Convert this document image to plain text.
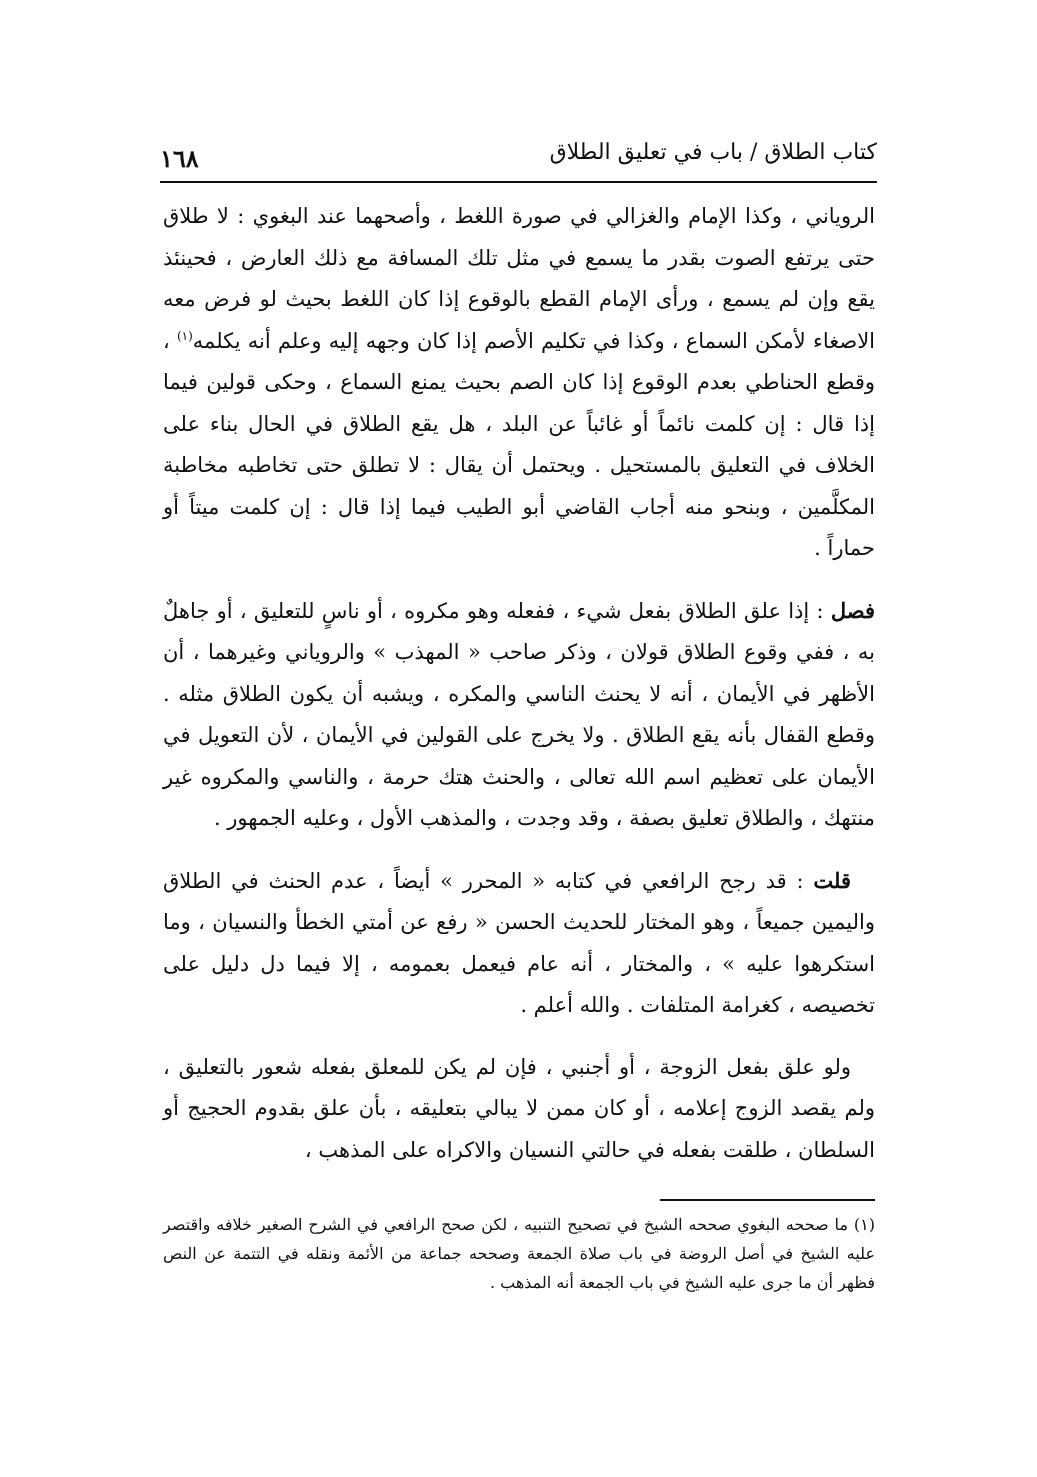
كتاب الطلاق / باب في تعليق الطلاق
١٦٨

الروياني ، وكذا الإمام والغزالي في صورة اللغط ، وأصحهما عند البغوي : لا طلاق حتى يرتفع الصوت بقدر ما يسمع في مثل تلك المسافة مع ذلك العارض ، فحينئذ يقع وإن لم يسمع ، ورأى الإمام القطع بالوقوع إذا كان اللغط بحيث لو فرض معه الاصغاء لأمكن السماع ، وكذا في تكليم الأصم إذا كان وجهه إليه وعلم أنه يكلمه$^{(١)}$ ، وقطع الحناطي بعدم الوقوع إذا كان الصم بحيث يمنع السماع ، وحكى قولين فيما إذا قال : إن كلمت نائماً أو غائباً عن البلد ، هل يقع الطلاق في الحال بناء على الخلاف في التعليق بالمستحيل . ويحتمل أن يقال : لا تطلق حتى تخاطبه مخاطبة المكلَّمين ، وبنحو منه أجاب القاضي أبو الطيب فيما إذا قال : إن كلمت ميتاً أو حماراً .

فصل : إذا علق الطلاق بفعل شيء ، ففعله وهو مكروه ، أو ناسٍ للتعليق ، أو جاهلٌ به ، ففي وقوع الطلاق قولان ، وذكر صاحب « المهذب » والروياني وغيرهما ، أن الأظهر في الأيمان ، أنه لا يحنث الناسي والمكره ، ويشبه أن يكون الطلاق مثله . وقطع القفال بأنه يقع الطلاق . ولا يخرج على القولين في الأيمان ، لأن التعويل في الأيمان على تعظيم اسم الله تعالى ، والحنث هتك حرمة ، والناسي والمكروه غير منتهك ، والطلاق تعليق بصفة ، وقد وجدت ، والمذهب الأول ، وعليه الجمهور .

قلت : قد رجح الرافعي في كتابه « المحرر » أيضاً ، عدم الحنث في الطلاق واليمين جميعاً ، وهو المختار للحديث الحسن « رفع عن أمتي الخطأ والنسيان ، وما استكرهوا عليه » ، والمختار ، أنه عام فيعمل بعمومه ، إلا فيما دل دليل على تخصيصه ، كغرامة المتلفات . والله أعلم .

ولو علق بفعل الزوجة ، أو أجنبي ، فإن لم يكن للمعلق بفعله شعور بالتعليق ، ولم يقصد الزوج إعلامه ، أو كان ممن لا يبالي بتعليقه ، بأن علق بقدوم الحجيج أو السلطان ، طلقت بفعله في حالتي النسيان والاكراه على المذهب ،

(١) ما صححه البغوي صححه الشيخ في تصحيح التنبيه ، لكن صحح الرافعي في الشرح الصغير خلافه واقتصر عليه الشيخ في أصل الروضة في باب صلاة الجمعة وصححه جماعة من الأئمة ونقله في التتمة عن النص فظهر أن ما جرى عليه الشيخ في باب الجمعة أنه المذهب .
